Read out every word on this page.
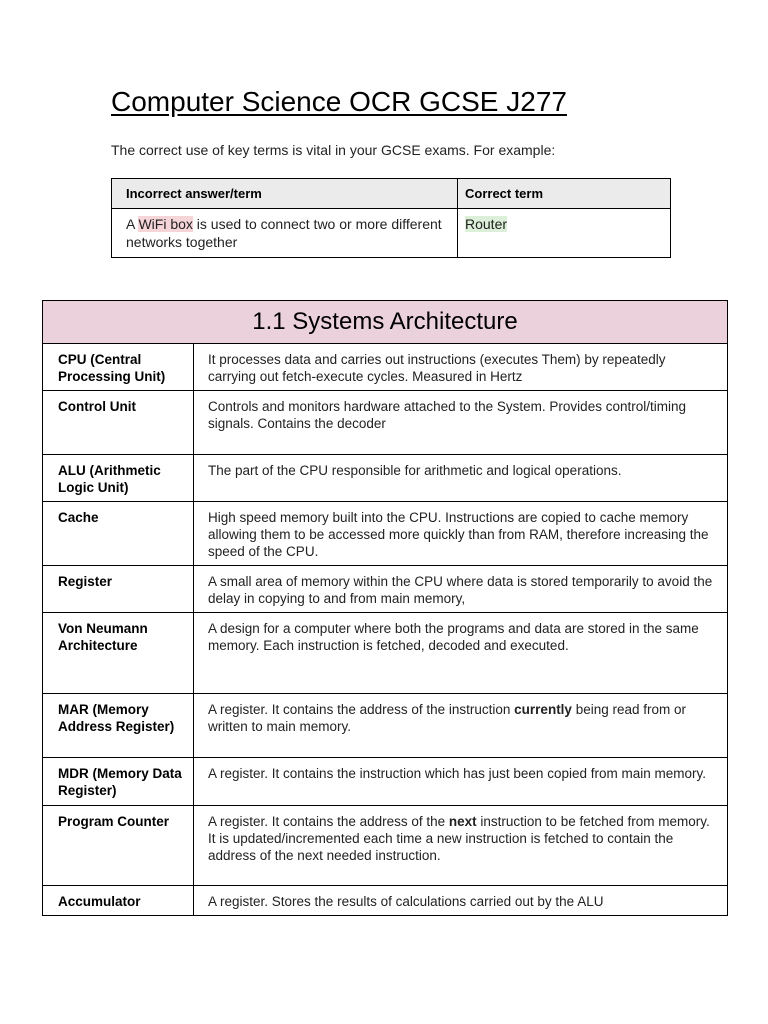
Computer Science OCR GCSE J277
The correct use of key terms is vital in your GCSE exams. For example:
Incorrect answer/term	Correct term

A WiFi box is used to connect two or more different networks together	Router
1.1 Systems Architecture	

CPU (Central Processing Unit)	It processes data and carries out instructions (executes Them) by repeatedly carrying out fetch-execute cycles. Measured in Hertz

Control Unit	Controls and monitors hardware attached to the System. Provides control/timing signals. Contains the decoder

ALU (Arithmetic Logic Unit)	The part of the CPU responsible for arithmetic and logical operations.

Cache	High speed memory built into the CPU. Instructions are copied to cache memory allowing them to be accessed more quickly than from RAM, therefore increasing the speed of the CPU.

Register	A small area of memory within the CPU where data is stored temporarily to avoid the delay in copying to and from main memory,

Von Neumann Architecture	A design for a computer where both the programs and data are stored in the same memory. Each instruction is fetched, decoded and executed.

MAR (Memory Address Register)	A register. It contains the address of the instruction currently being read from or written to main memory.

MDR (Memory Data Register)	A register. It contains the instruction which has just been copied from main memory.

Program Counter	A register. It contains the address of the next instruction to be fetched from memory. It is updated/incremented each time a new instruction is fetched to contain the address of the next needed instruction.

Accumulator	A register. Stores the results of calculations carried out by the ALU
